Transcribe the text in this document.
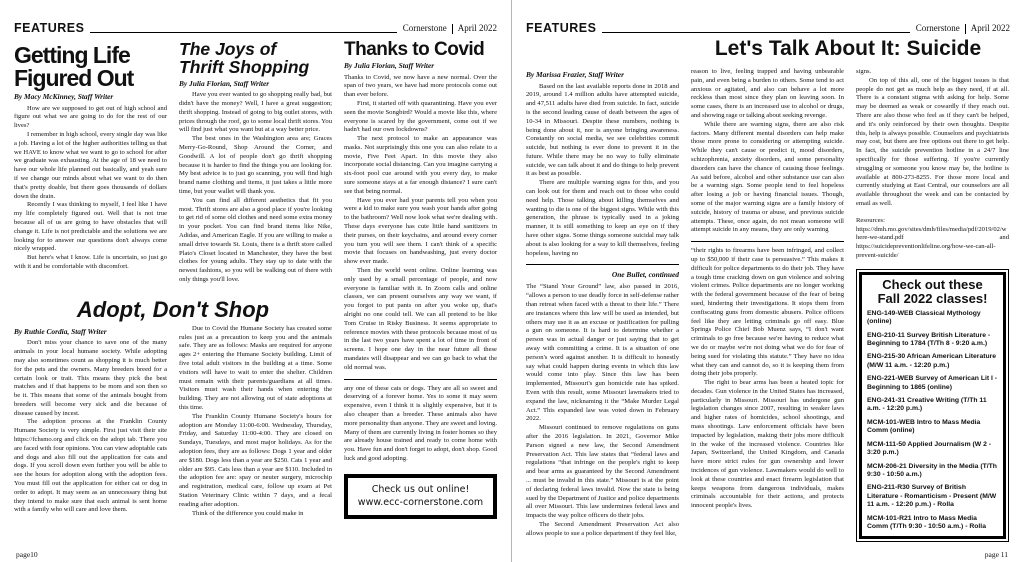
FEATURES	Cornerstone	April 2022
Getting Life
Figured Out

By Macy McKinney, Staff Writer

How are we supposed to get out of high school and figure out what we are going to do for the rest of our lives?

I remember in high school, every single day was like a job. Having a lot of the higher authorities telling us that we HAVE to know what we want to go to school for after we graduate was exhausting. At the age of 18 we need to have our whole life planned out basically, and yeah sure if we change our minds about what we want to do then that's pretty doable, but there goes thousands of dollars down the drain.

Recently I was thinking to myself, I feel like I have my life completely figured out. Well that is not true because all of us are going to have obstacles that will change it. Life is not predictable and the solutions we are looking for to answer our questions don't always come nicely wrapped.

But here's what I know. Life is uncertain, so just go with it and be comfortable with discomfort.

The Joys of
Thrift Shopping

By Julia Florian, Staff Writer

Have you ever wanted to go shopping really bad, but didn't have the money? Well, I have a great suggestion; thrift shopping. Instead of going to big outlet stores, with prices through the roof, go to some local thrift stores. You will find just what you want but at a way better price.

The best ones in the Washington area are; Graces Merry-Go-Round, Shop Around the Corner, and Goodwill. A lot of people don't go thrift shopping because it is harder to find the things you are looking for. My best advice is to just go scanning, you will find high brand name clothing and items, it just takes a little more time, but your wallet will thank you.

You can find all different aesthetics that fit you most. Thrift stores are also a good place if you're looking to get rid of some old clothes and need some extra money in your pocket. You can find brand items like Nike, Adidas, and American Eagle. If you are willing to make a small drive towards St. Louis, there is a thrift store called Plato's Closet located in Manchester, they have the best clothes for young adults. They stay up to date with the newest fashions, so you will be walking out of there with only things you'll love.

Adopt, Don't Shop

By Ruthie Cordia, Staff Writer

Don't miss your chance to save one of the many animals in your local humane society. While adopting may also sometimes count as shopping it is much better for the pets and the owners. Many breeders breed for a certain look or trait. This means they pick the best matches and if that happens to be mom and son then so be it. This means that some of the animals bought from breeders will become very sick and die because of disease caused by incest.

The adoption process at the Franklin County Humane Society is very simple. First just visit their site https://fchsmo.org and click on the adopt tab. There you are faced with four opinions. You can view adoptable cats and dogs and also fill out the application for cats and dogs. If you scroll down even further you will be able to see the hours for adoption along with the adoption fees. You must fill out the application for either cat or dog in order to adopt. It may seem as an unnecessary thing but they intend to make sure that each animal is sent home with a family who will care and love them.

Due to Covid the Humane Society has created some rules just as a precaution to keep you and the animals safe. They are as follows: Masks are required for anyone ages 2+ entering the Humane Society building. Limit of five total adult visitors in the building at a time. Some visitors will have to wait to enter the shelter. Children must remain with their parents/guardians at all times. Visitors must wash their hands when entering the building. They are not allowing out of state adoptions at this time.

The Franklin County Humane Society's hours for adoption are Monday 11:00-6:00. Wednesday, Thursday, Friday, and Saturday 11:00-4:00. They are closed on Sundays, Tuesdays, and most major holidays. As for the adoption fees, they are as follows: Dogs 1 year and older are $180. Dogs less than a year are $250. Cats 1 year and older are $95. Cats less than a year are $110. Included in the adoption fee are: spay or neuter surgery, microchip and registration, medical care, follow up exam at Pet Station Veterinary Clinic within 7 days, and a fecal reading after adoption.

Think of the difference you could make in

Thanks to Covid

By Julia Florian, Staff Writer

Thanks to Covid, we now have a new normal. Over the span of two years, we have had more protocols come out than ever before.

First, it started off with quarantining. Have you ever seen the movie Songbird? Would a movie like this, where everyone is scared by the government, come out if we hadn't had our own lockdowns?

The next protocol to make an appearance was masks. Not surprisingly this one you can also relate to a movie, Five Feet Apart. In this movie they also incorporate social distancing. Can you imagine carrying a six-foot pool cue around with you every day, to make sure someone stays at a far enough distance? I sure can't see that being normal.

Have you ever had your parents tell you when you were a kid to make sure you wash your hands after going to the bathroom? Well now look what we're dealing with. These days everyone has cute little hand sanitizers in their purses, on their keychains, and around every corner you turn you will see them. I can't think of a specific movie that focuses on handwashing, just every doctor show ever made.

Then the world went online. Online learning was only used by a small percentage of people, and now everyone is familiar with it. In Zoom calls and online classes, we can present ourselves any way we want, if you forgot to put pants on after you woke up, that's alright no one could tell. We can all pretend to be like Tom Cruise in Risky Business. It seems appropriate to reference movies with these protocols because most of us in the last two years have spent a lot of time in front of screens. I hope one day in the near future all these mandates will disappear and we can go back to what the old normal was.

any one of these cats or dogs. They are all so sweet and deserving of a forever home. Yes to some it may seem expensive, even I think it is slightly expensive, but it is also cheaper than a breeder. These animals also have more personality than anyone. They are sweet and loving. Many of them are currently living in foster homes so they are already house trained and ready to come home with you. Have fun and don't forget to adopt, don't shop. Good luck and good adopting.

Check us out online!
www.ecc-cornerstone.com
page10
FEATURES	Cornerstone	April 2022
Let's Talk About It: Suicide

By Marissa Frazier, Staff Writer

Based on the last available reports done in 2018 and 2019, around 1.4 million adults have attempted suicide, and 47,511 adults have died from suicide. In fact, suicide is the second leading cause of death between the ages of 10-34 in Missouri. Despite these numbers, nothing is being done about it, nor is anyone bringing awareness. Constantly on social media, we see celebrities commit suicide, but nothing is ever done to prevent it in the future. While there may be no way to fully eliminate suicide, we can talk about it and do things to help prevent it as best as possible.

There are multiple warning signs for this, and you can look out for them and reach out to those who could need help. Those talking about killing themselves and wanting to die is one of the biggest signs. While with this generation, the phrase is typically used in a joking manner, it is still something to keep an eye on if they have other signs. Some things someone suicidal may talk about is also looking for a way to kill themselves, feeling hopeless, having no

One Bullet, continued

The “Stand Your Ground” law, also passed in 2016, “allows a person to use deadly force in self-defense rather than retreat when faced with a threat to their life.” There are instances where this law will be used as intended, but others may use it as an excuse or justification for pulling a gun on someone. It is hard to determine whether a person was in actual danger or just saying that to get away with committing a crime. It is a situation of one person's word against another. It is difficult to honestly say what could happen during events in which this law would come into play. Since this law has been implemented, Missouri's gun homicide rate has spiked. Even with this result, some Missouri lawmakers tried to expand the law, nicknaming it the “Make Murder Legal Act.” This expanded law was voted down in February 2022.

Missouri continued to remove regulations on guns after the 2016 legislation. In 2021, Governor Mike Parson signed a new law, the Second Amendment Preservation Act. This law states that “federal laws and regulations “that infringe on the people's right to keep and bear arms as guaranteed by the Second Amendment ... must be invalid in this state.” Missouri is at the point of declaring federal laws invalid. Now the state is being sued by the Department of Justice and police departments all over Missouri. This law undermines federal laws and impacts the way police officers do their jobs.

The Second Amendment Preservation Act also allows people to sue a police department if they feel like,

reason to live, feeling trapped and having unbearable pain, and even being a burden to others. Some tend to act anxious or agitated, and also can behave a lot more reckless than most since they plan on leaving soon. In some cases, there is an increased use to alcohol or drugs, and showing rage or talking about seeking revenge.

While there are warning signs, there are also risk factors. Many different mental disorders can help make those more prone to considering or attempting suicide. While they can't cause or predict it, mood disorders, schizophrenia, anxiety disorders, and some personality disorders can have the chance of causing those feelings. As said before, alcohol and other substance use can also be a warning sign. Some people tend to feel hopeless after losing a job or having financial issues. Though, some of the major warning signs are a family history of suicide, history of trauma or abuse, and previous suicide attempts. These, once again, do not mean someone will attempt suicide in any means, they are only warning

“their rights to firearms have been infringed, and collect up to $50,000 if their case is persuasive.” This makes it difficult for police departments to do their job. They have a tough time cracking down on gun violence and solving violent crimes. Police departments are no longer working with the federal government because of the fear of being sued, hindering their investigations. It stops them from confiscating guns from domestic abusers. Police officers feel like they are letting criminals go off easy. Blue Springs Police Chief Bob Muenz says, “I don't want criminals to go free because we're having to reduce what we do or maybe we're not doing what we do for fear of being sued for violating this statute.” They have no idea what they can and cannot do, so it is keeping them from doing their jobs properly.

The right to bear arms has been a heated topic for decades. Gun violence in the United States has increased, particularly in Missouri. Missouri has undergone gun legislation changes since 2007, resulting in weaker laws and higher rates of homicides, school shootings, and mass shootings. Law enforcement officials have been impacted by legislation, making their jobs more difficult in the wake of the increased violence. Countries like Japan, Switzerland, the United Kingdom, and Canada have more strict rules for gun ownership and lower incidences of gun violence. Lawmakers would do well to look at these countries and enact firearm legislation that keeps weapons from dangerous individuals, makes criminals accountable for their actions, and protects innocent people's lives.

signs.

On top of this all, one of the biggest issues is that people do not get as much help as they need, if at all. There is a constant stigma with asking for help. Some may be deemed as weak or cowardly if they reach out. There are also those who feel as if they can't be helped, and it's only reinforced by their own thoughts. Despite this, help is always possible. Counselors and psychiatrists may cost, but there are free options out there to get help. In fact, the suicide prevention hotline in a 24/7 line specifically for those suffering. If you're currently struggling or someone you know may be, the hotline is available at 800-273-8255. For those more local and currently studying at East Central, our counselors are all available throughout the week and can be contacted by email as well.

Resources: https://dmh.mo.gov/sites/dmh/files/media/pdf/2019/02/where-we-stand.pdf and https://suicidepreventionlifeline.org/how-we-can-all-prevent-suicide/

Check out these
Fall 2022 classes!

ENG-149-WEB Classical Mythology (online)

ENG-210-11 Survey British Literature - Beginning to 1784 (T/Th 8 - 9:20 a.m.)

ENG-215-30 African American Literature (M/W 11 a.m. - 12:20 p.m.)

ENG-221-WEB Survey of American Lit I - Beginning to 1865 (online)

ENG-241-31 Creative Writing (T/Th 11 a.m. - 12:20 p.m.)

MCM-101-WEB Intro to Mass Media Comm (online)

MCM-111-50 Applied Journalism (W 2 - 3:20 p.m.)

MCM-206-21 Diversity in the Media (T/Th 9:30 - 10:50 a.m.)

ENG-211-R30 Survey of British Literature - Romanticism - Present (M/W 11 a.m. - 12:20 p.m.) - Rolla

MCM-101-R21 Intro to Mass Media Comm (T/Th 9:30 - 10:50 a.m.) - Rolla

page 11
